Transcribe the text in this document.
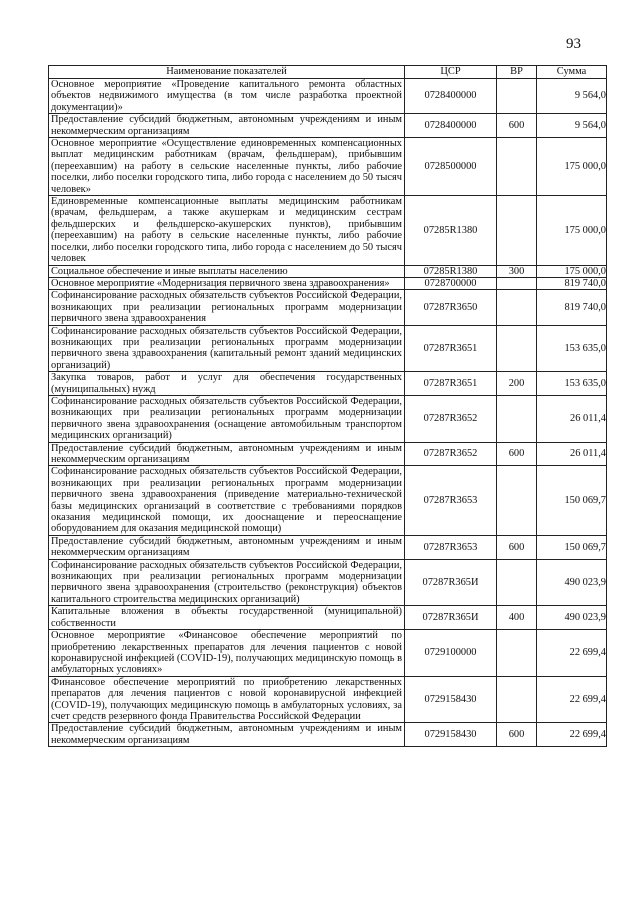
93
Наименование показателей	ЦСР	ВР	Сумма
Основное мероприятие «Проведение капитального ремонта областных объектов недвижимого имущества (в том числе разработка проектной документации)»	0728400000		9 564,0
Предоставление субсидий бюджетным, автономным учреждениям и иным некоммерческим организациям	0728400000	600	9 564,0
Основное мероприятие «Осуществление единовременных компенсационных выплат медицинским работникам (врачам, фельдшерам), прибывшим (переехавшим) на работу в сельские населенные пункты, либо рабочие поселки, либо поселки городского типа, либо города с населением до 50 тысяч человек»	0728500000		175 000,0
Единовременные компенсационные выплаты медицинским работникам (врачам, фельдшерам, а также акушеркам и медицинским сестрам фельдшерских и фельдшерско-акушерских пунктов), прибывшим (переехавшим) на работу в сельские населенные пункты, либо рабочие поселки, либо поселки городского типа, либо города с населением до 50 тысяч человек	07285R1380		175 000,0
Социальное обеспечение и иные выплаты населению	07285R1380	300	175 000,0
Основное мероприятие «Модернизация первичного звена здравоохранения»	0728700000		819 740,0
Софинансирование расходных обязательств субъектов Российской Федерации, возникающих при реализации региональных программ модернизации первичного звена здравоохранения	07287R3650		819 740,0
Софинансирование расходных обязательств субъектов Российской Федерации, возникающих при реализации региональных программ модернизации первичного звена здравоохранения (капитальный ремонт зданий медицинских организаций)	07287R3651		153 635,0
Закупка товаров, работ и услуг для обеспечения государственных (муниципальных) нужд	07287R3651	200	153 635,0
Софинансирование расходных обязательств субъектов Российской Федерации, возникающих при реализации региональных программ модернизации первичного звена здравоохранения (оснащение автомобильным транспортом медицинских организаций)	07287R3652		26 011,4
Предоставление субсидий бюджетным, автономным учреждениям и иным некоммерческим организациям	07287R3652	600	26 011,4
Софинансирование расходных обязательств субъектов Российской Федерации, возникающих при реализации региональных программ модернизации первичного звена здравоохранения (приведение материально-технической базы медицинских организаций в соответствие с требованиями порядков оказания медицинской помощи, их дооснащение и переоснащение оборудованием для оказания медицинской помощи)	07287R3653		150 069,7
Предоставление субсидий бюджетным, автономным учреждениям и иным некоммерческим организациям	07287R3653	600	150 069,7
Софинансирование расходных обязательств субъектов Российской Федерации, возникающих при реализации региональных программ модернизации первичного звена здравоохранения (строительство (реконструкция) объектов капитального строительства медицинских организаций)	07287R365И		490 023,9
Капитальные вложения в объекты государственной (муниципальной) собственности	07287R365И	400	490 023,9
Основное мероприятие «Финансовое обеспечение мероприятий по приобретению лекарственных препаратов для лечения пациентов с новой коронавирусной инфекцией (COVID-19), получающих медицинскую помощь в амбулаторных условиях»	0729100000		22 699,4
Финансовое обеспечение мероприятий по приобретению лекарственных препаратов для лечения пациентов с новой коронавирусной инфекцией (COVID-19), получающих медицинскую помощь в амбулаторных условиях, за счет средств резервного фонда Правительства Российской Федерации	0729158430		22 699,4
Предоставление субсидий бюджетным, автономным учреждениям и иным некоммерческим организациям	0729158430	600	22 699,4
